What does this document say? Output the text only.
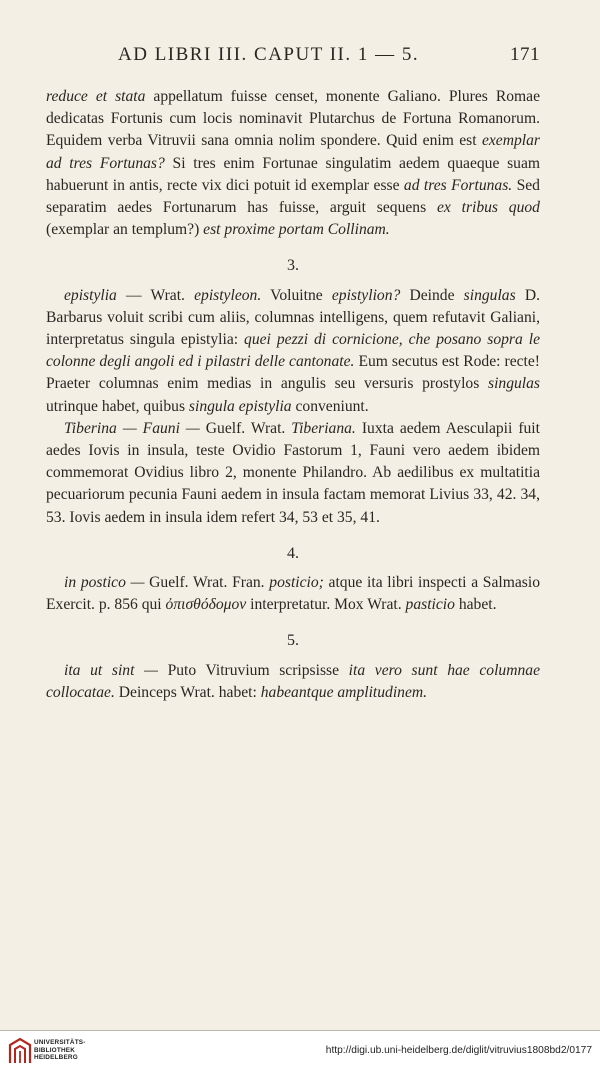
AD LIBRI III. CAPUT II. 1 — 5.	171

reduce et stata appellatum fuisse censet, monente Galiano. Plures Romae dedicatas Fortunis cum locis nominavit Plutarchus de Fortuna Romanorum. Equidem verba Vitruvii sana omnia nolim spondere. Quid enim est exemplar ad tres Fortunas? Si tres enim Fortunae singulatim aedem quaeque suam habuerunt in antis, recte vix dici potuit id exemplar esse ad tres Fortunas. Sed separatim aedes Fortunarum has fuisse, arguit sequens ex tribus quod (exemplar an templum?) est proxime portam Collinam.

3.

epistylia — Wrat. epistyleon. Voluitne epistylion? Deinde singulas D. Barbarus voluit scribi cum aliis, columnas intelligens, quem refutavit Galiani, interpretatus singula epistylia: quei pezzi di cornicione, che posano sopra le colonne degli angoli ed i pilastri delle cantonate. Eum secutus est Rode: recte! Praeter columnas enim medias in angulis seu versuris prostylos singulas utrinque habet, quibus singula epistylia conveniunt.

Tiberina — Fauni — Guelf. Wrat. Tiberiana. Iuxta aedem Aesculapii fuit aedes Iovis in insula, teste Ovidio Fastorum 1, Fauni vero aedem ibidem commemorat Ovidius libro 2, monente Philandro. Ab aedilibus ex multatitia pecuariorum pecunia Fauni aedem in insula factam memorat Livius 33, 42. 34, 53. Iovis aedem in insula idem refert 34, 53 et 35, 41.

4.

in postico — Guelf. Wrat. Fran. posticio; atque ita libri inspecti a Salmasio Exercit. p. 856 qui ὀπισθόδομον interpretatur. Mox Wrat. pasticio habet.

5.

ita ut sint — Puto Vitruvium scripsisse ita vero sunt hae columnae collocatae. Deinceps Wrat. habet: habeantque amplitudinem.

UNIVERSITÄTS-
BIBLIOTHEK
HEIDELBERG
http://digi.ub.uni-heidelberg.de/diglit/vitruvius1808bd2/0177
